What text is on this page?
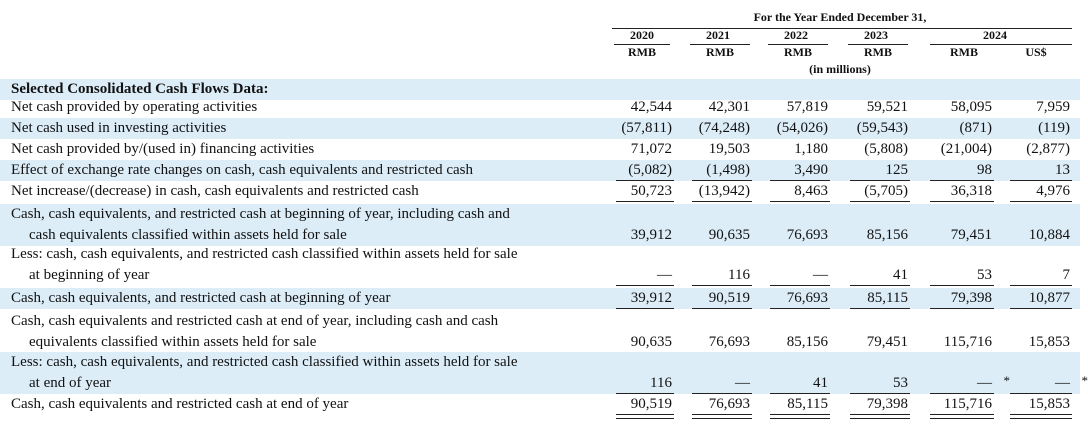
For the Year Ended December 31,
2020	2021	2022	2023	2024
RMB	RMB	RMB	RMB	RMB	US$
(in millions)
Selected Consolidated Cash Flows Data:
Net cash provided by operating activities	42,544 42,301 57,819	59,521	58,095	7,959
Net cash used in investing activities	(57,811) (74,248) (54,026) (59,543)	(871)	(119)
Net cash provided by/(used in) financing activities	71,072 19,503	1,180 (5,808) (21,004) (2,877)
Effect of exchange rate changes on cash, cash equivalents and restricted cash	(5,082) (1,498)	3,490	125	98	13
Net increase/(decrease) in cash, cash equivalents and restricted cash	50,723 (13,942)	8,463 (5,705)	36,318	4,976
Cash, cash equivalents, and restricted cash at beginning of year, including cash and
cash equivalents classified within assets held for sale	39,912 90,635 76,693	85,156	79,451 10,884
Less: cash, cash equivalents, and restricted cash classified within assets held for sale
at beginning of year	—	116	—	41	53	7
Cash, cash equivalents, and restricted cash at beginning of year	39,912 90,519 76,693	85,115	79,398 10,877
Cash, cash equivalents and restricted cash at end of year, including cash and cash
equivalents classified within assets held for sale	90,635 76,693 85,156	79,451 115,716 15,853
Less: cash, cash equivalents, and restricted cash classified within assets held for sale
at end of year	116	—	41	53	— *	— *
Cash, cash equivalents and restricted cash at end of year	90,519 76,693 85,115	79,398 115,716 15,853
